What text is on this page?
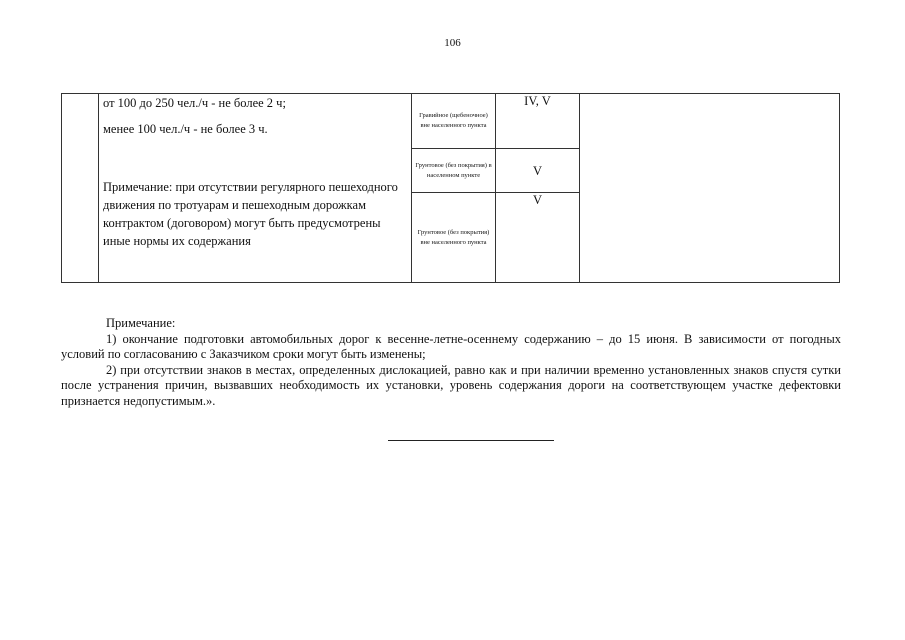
106

	от 100 до 250 чел./ч - не более 2 ч;

менее 100 чел./ч - не более 3 ч.

Примечание: при отсутствии регулярного пешеходного движения по тротуарам и пешеходным дорожкам контрактом (договором) могут быть предусмотрены иные нормы их содержания	Гравийное (щебеночное) вне населенного пункта	IV, V	
		Грунтовое (без покрытия) в населенном пункте	V	
		Грунтовое (без покрытия) вне населенного пункта	V	

Примечание:

1) окончание подготовки автомобильных дорог к весенне-летне-осеннему содержанию – до 15 июня. В зависимости от погодных условий по согласованию с Заказчиком сроки могут быть изменены;

2) при отсутствии знаков в местах, определенных дислокацией, равно как и при наличии временно установленных знаков спустя сутки после устранения причин, вызвавших необходимость их установки, уровень содержания дороги на соответствующем участке дефектовки признается недопустимым.».
